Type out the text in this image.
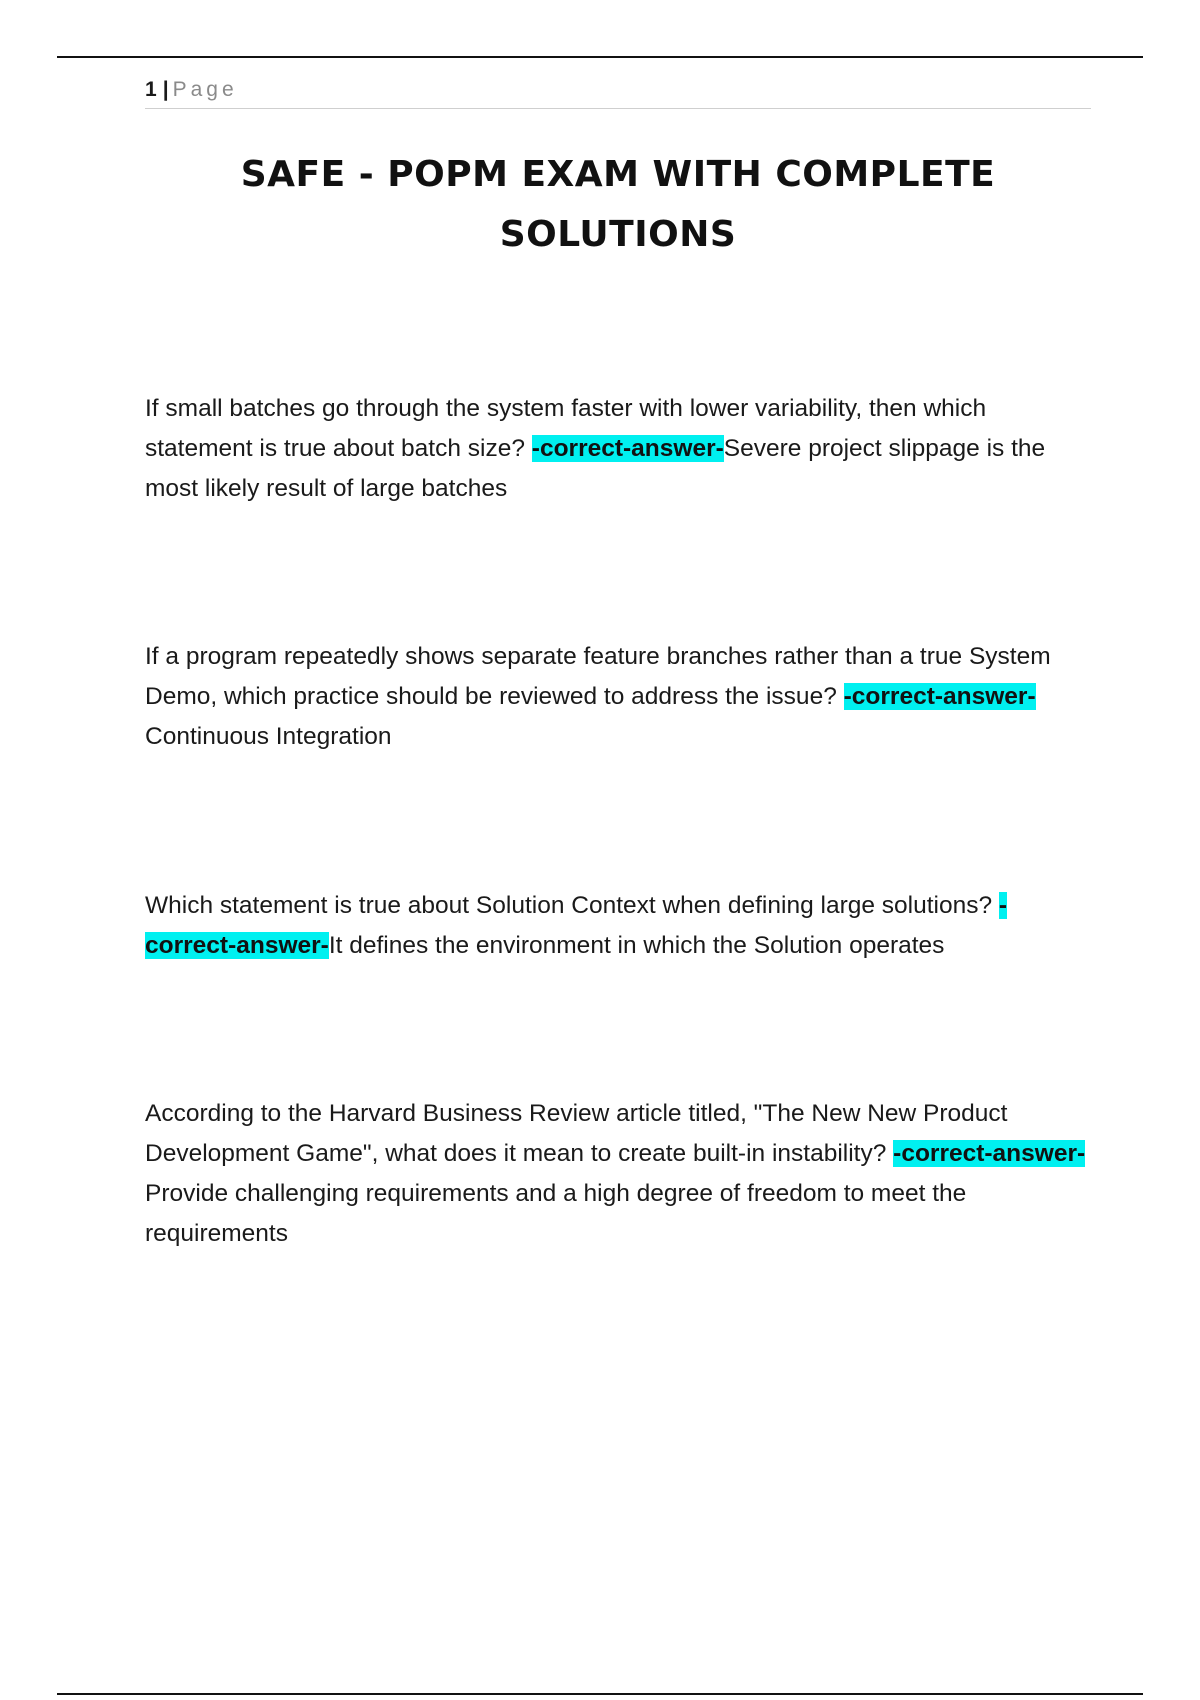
1 | Page
SAFE - POPM EXAM WITH COMPLETE
SOLUTIONS
If small batches go through the system faster with lower variability, then which statement is true about batch size? -correct-answer-Severe project slippage is the most likely result of large batches
If a program repeatedly shows separate feature branches rather than a true System Demo, which practice should be reviewed to address the issue? -correct-answer-Continuous Integration
Which statement is true about Solution Context when defining large solutions? -correct-answer-It defines the environment in which the Solution operates
According to the Harvard Business Review article titled, "The New New Product Development Game", what does it mean to create built-in instability? -correct-answer-Provide challenging requirements and a high degree of freedom to meet the requirements
